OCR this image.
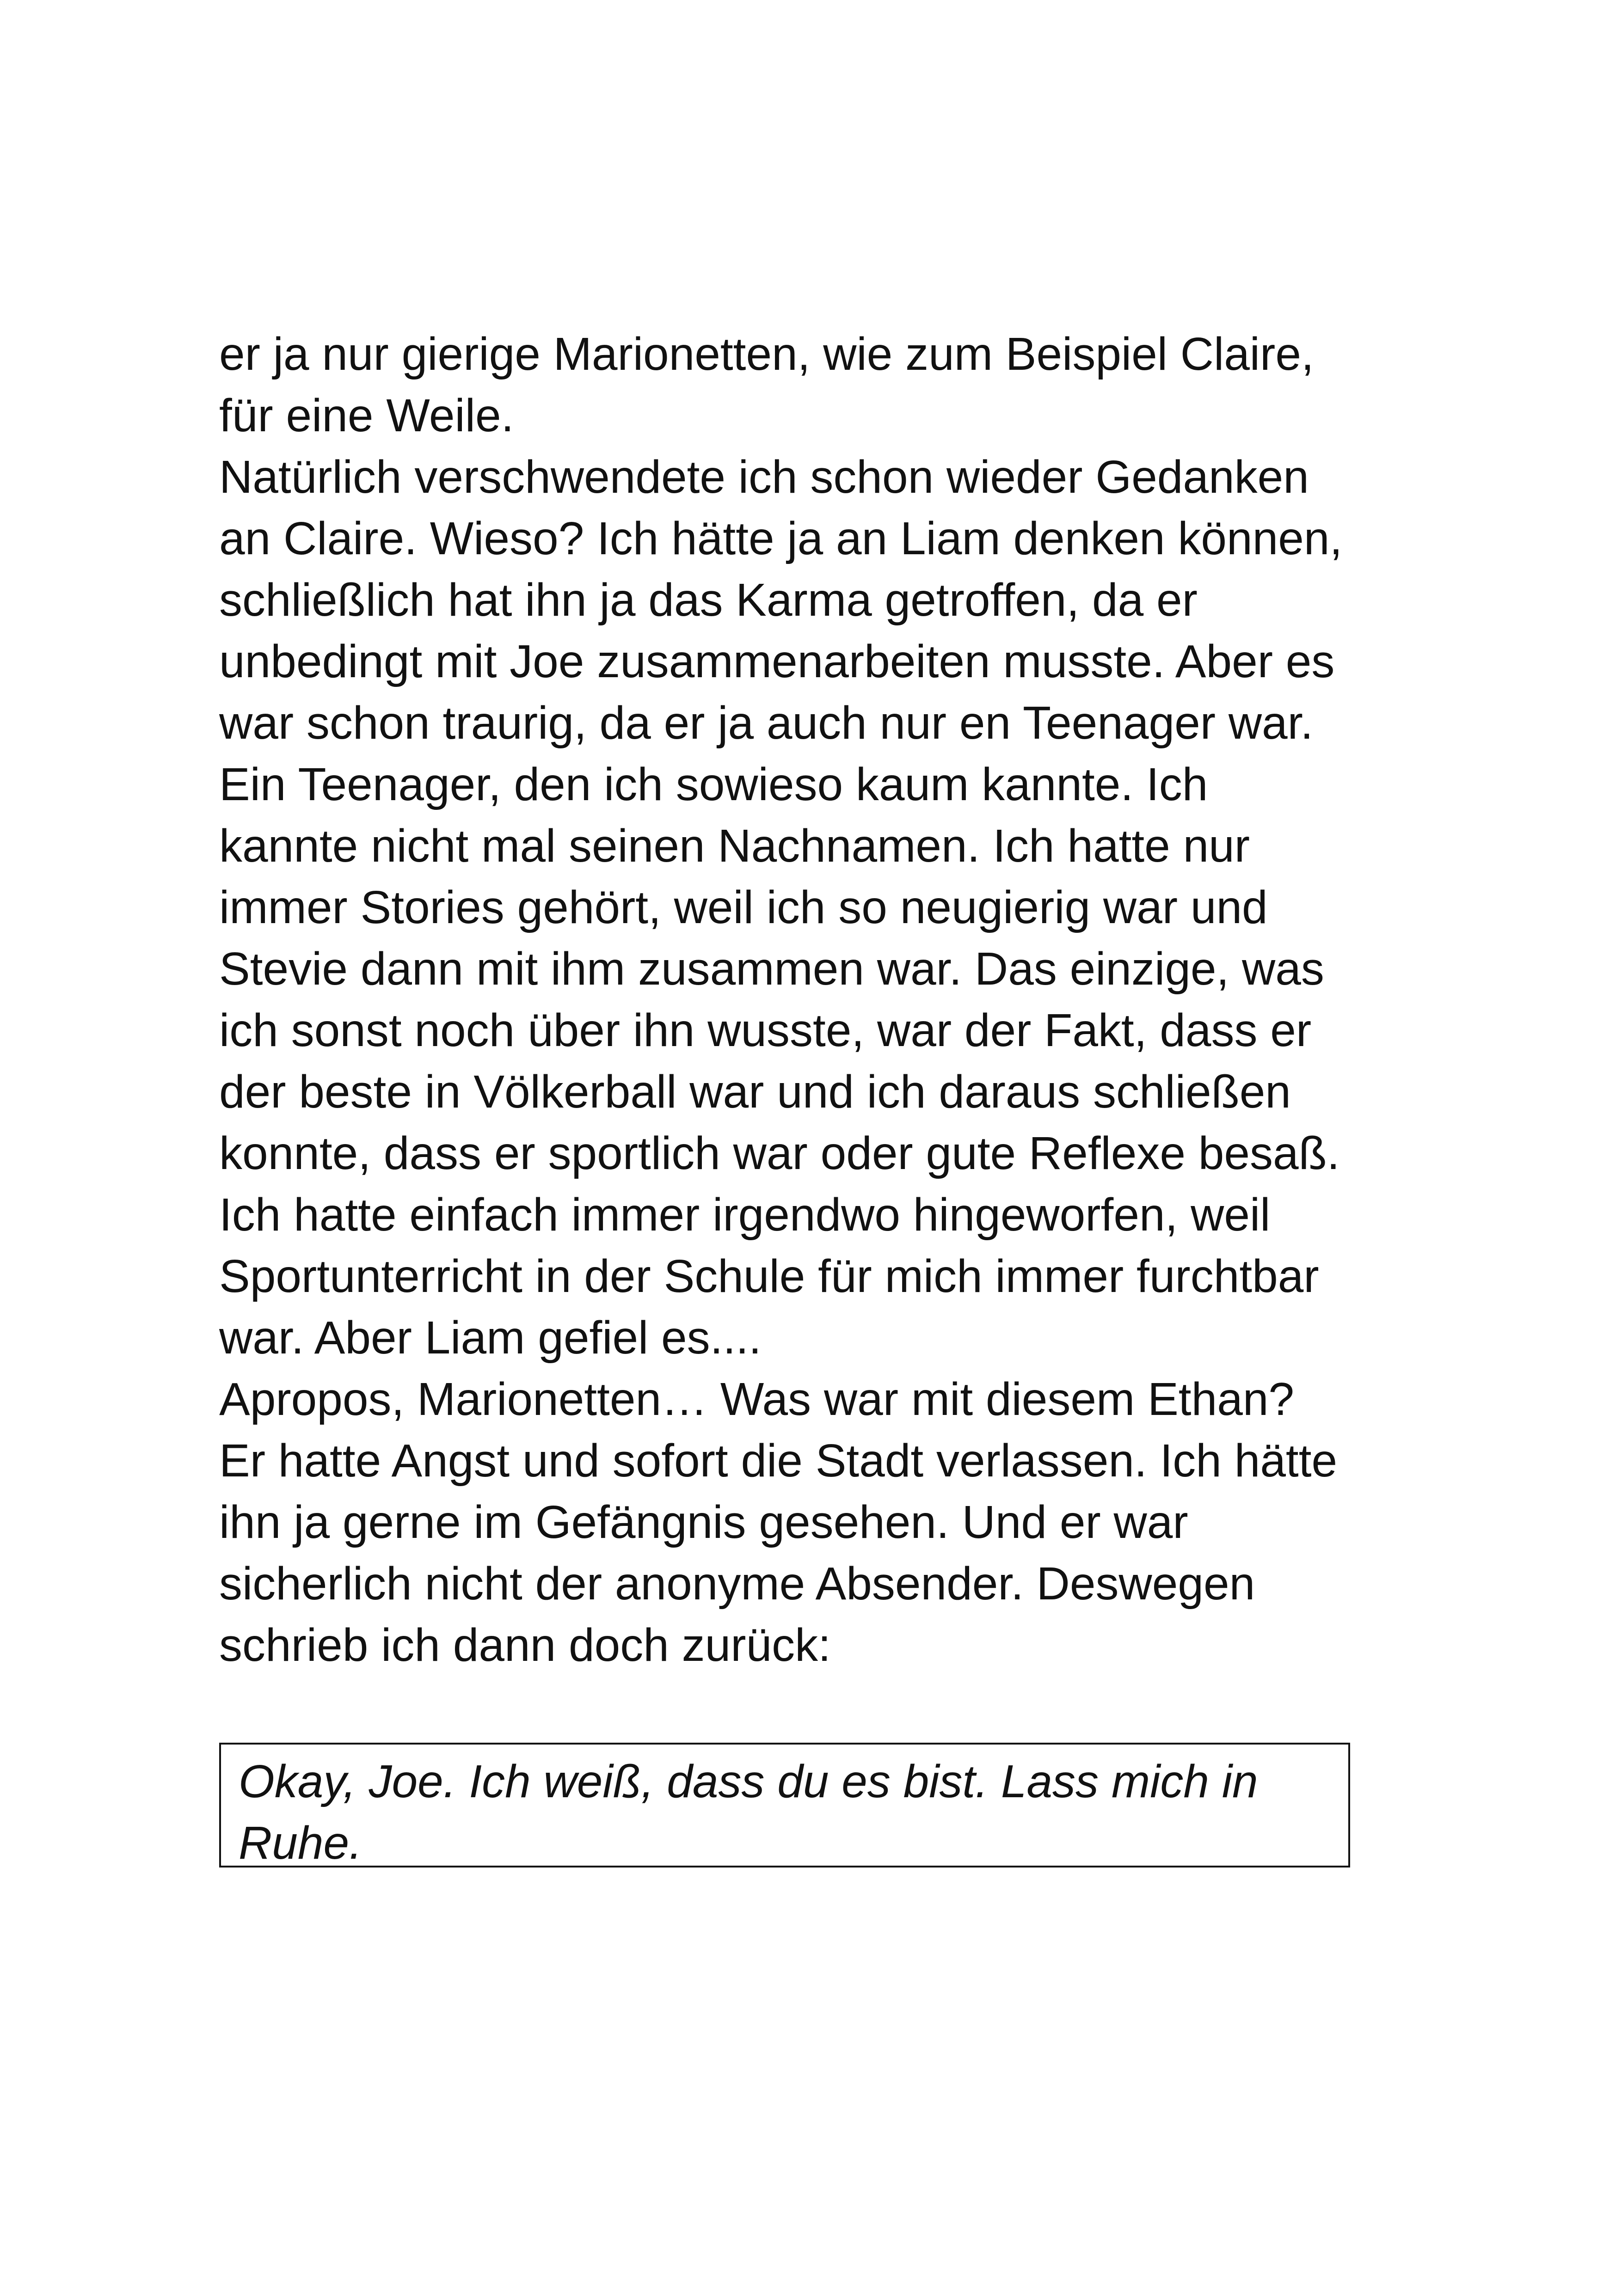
er ja nur gierige Marionetten, wie zum Beispiel Claire,
für eine Weile.
Natürlich verschwendete ich schon wieder Gedanken
an Claire. Wieso? Ich hätte ja an Liam denken können,
schließlich hat ihn ja das Karma getroffen, da er
unbedingt mit Joe zusammenarbeiten musste. Aber es
war schon traurig, da er ja auch nur en Teenager war.
Ein Teenager, den ich sowieso kaum kannte. Ich
kannte nicht mal seinen Nachnamen. Ich hatte nur
immer Stories gehört, weil ich so neugierig war und
Stevie dann mit ihm zusammen war. Das einzige, was
ich sonst noch über ihn wusste, war der Fakt, dass er
der beste in Völkerball war und ich daraus schließen
konnte, dass er sportlich war oder gute Reflexe besaß.
Ich hatte einfach immer irgendwo hingeworfen, weil
Sportunterricht in der Schule für mich immer furchtbar
war. Aber Liam gefiel es....
Apropos, Marionetten… Was war mit diesem Ethan?
Er hatte Angst und sofort die Stadt verlassen. Ich hätte
ihn ja gerne im Gefängnis gesehen. Und er war
sicherlich nicht der anonyme Absender. Deswegen
schrieb ich dann doch zurück:
Okay, Joe. Ich weiß, dass du es bist. Lass mich in
Ruhe.
